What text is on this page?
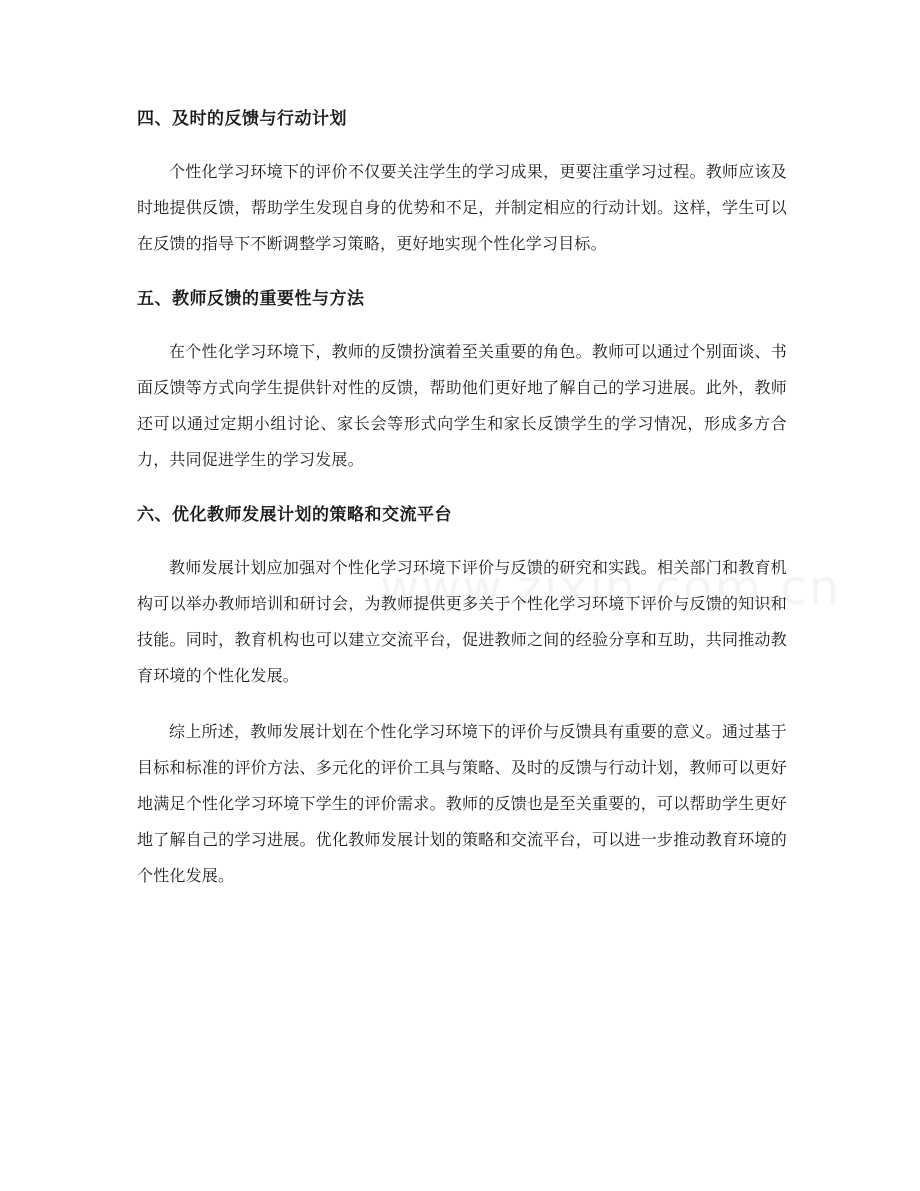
四、及时的反馈与行动计划

个性化学习环境下的评价不仅要关注学生的学习成果，更要注重学习过程。教师应该及时地提供反馈，帮助学生发现自身的优势和不足，并制定相应的行动计划。这样，学生可以在反馈的指导下不断调整学习策略，更好地实现个性化学习目标。

五、教师反馈的重要性与方法

在个性化学习环境下，教师的反馈扮演着至关重要的角色。教师可以通过个别面谈、书面反馈等方式向学生提供针对性的反馈，帮助他们更好地了解自己的学习进展。此外，教师还可以通过定期小组讨论、家长会等形式向学生和家长反馈学生的学习情况，形成多方合力，共同促进学生的学习发展。

六、优化教师发展计划的策略和交流平台

教师发展计划应加强对个性化学习环境下评价与反馈的研究和实践。相关部门和教育机构可以举办教师培训和研讨会，为教师提供更多关于个性化学习环境下评价与反馈的知识和技能。同时，教育机构也可以建立交流平台，促进教师之间的经验分享和互助，共同推动教育环境的个性化发展。

综上所述，教师发展计划在个性化学习环境下的评价与反馈具有重要的意义。通过基于目标和标准的评价方法、多元化的评价工具与策略、及时的反馈与行动计划，教师可以更好地满足个性化学习环境下学生的评价需求。教师的反馈也是至关重要的，可以帮助学生更好地了解自己的学习进展。优化教师发展计划的策略和交流平台，可以进一步推动教育环境的个性化发展。
